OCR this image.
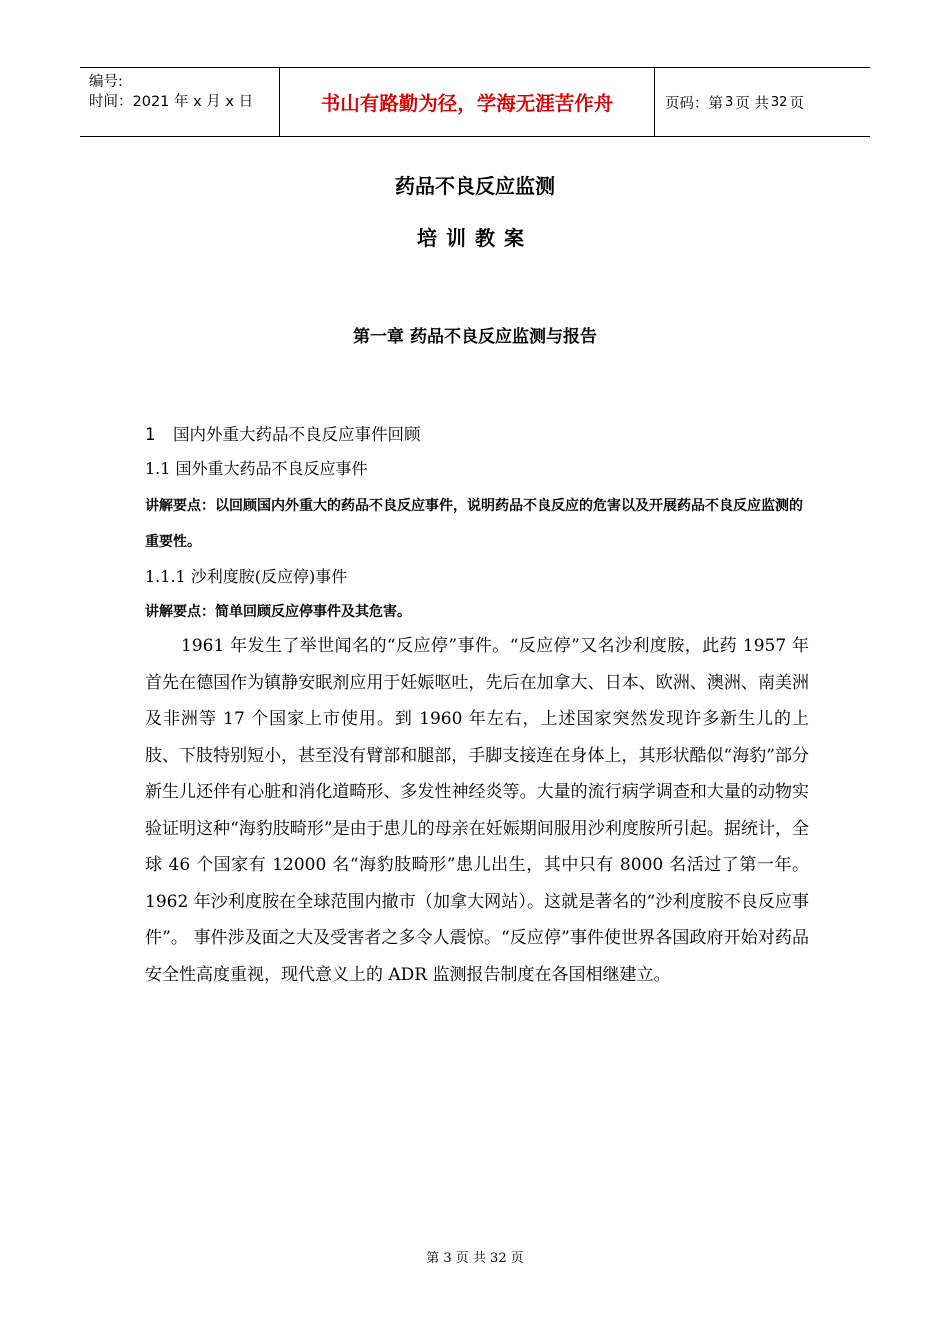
编号:
时间：2021 年 x 月 x 日	书山有路勤为径，学海无涯苦作舟	页码：第 3 页 共 32 页
药品不良反应监测
培训教案
第一章 药品不良反应监测与报告
1 国内外重大药品不良反应事件回顾
1.1 国外重大药品不良反应事件
讲解要点：以回顾国内外重大的药品不良反应事件，说明药品不良反应的危害以及开展药品不良反应监测的重要性。
1.1.1 沙利度胺(反应停)事件
讲解要点：简单回顾反应停事件及其危害。
1961 年发生了举世闻名的“反应停”事件。“反应停”又名沙利度胺，此药 1957 年首先在德国作为镇静安眠剂应用于妊娠呕吐，先后在加拿大、日本、欧洲、澳洲、南美洲及非洲等 17 个国家上市使用。到 1960 年左右，上述国家突然发现许多新生儿的上肢、下肢特别短小，甚至没有臂部和腿部，手脚支接连在身体上，其形状酷似“海豹”部分新生儿还伴有心脏和消化道畸形、多发性神经炎等。大量的流行病学调查和大量的动物实验证明这种“海豹肢畸形”是由于患儿的母亲在妊娠期间服用沙利度胺所引起。据统计，全球 46 个国家有 12000 名“海豹肢畸形”患儿出生，其中只有 8000 名活过了第一年。1962 年沙利度胺在全球范围内撤市（加拿大网站）。这就是著名的“沙利度胺不良反应事件”。 事件涉及面之大及受害者之多令人震惊。“反应停”事件使世界各国政府开始对药品安全性高度重视，现代意义上的 ADR 监测报告制度在各国相继建立。
第 3 页 共 32 页
